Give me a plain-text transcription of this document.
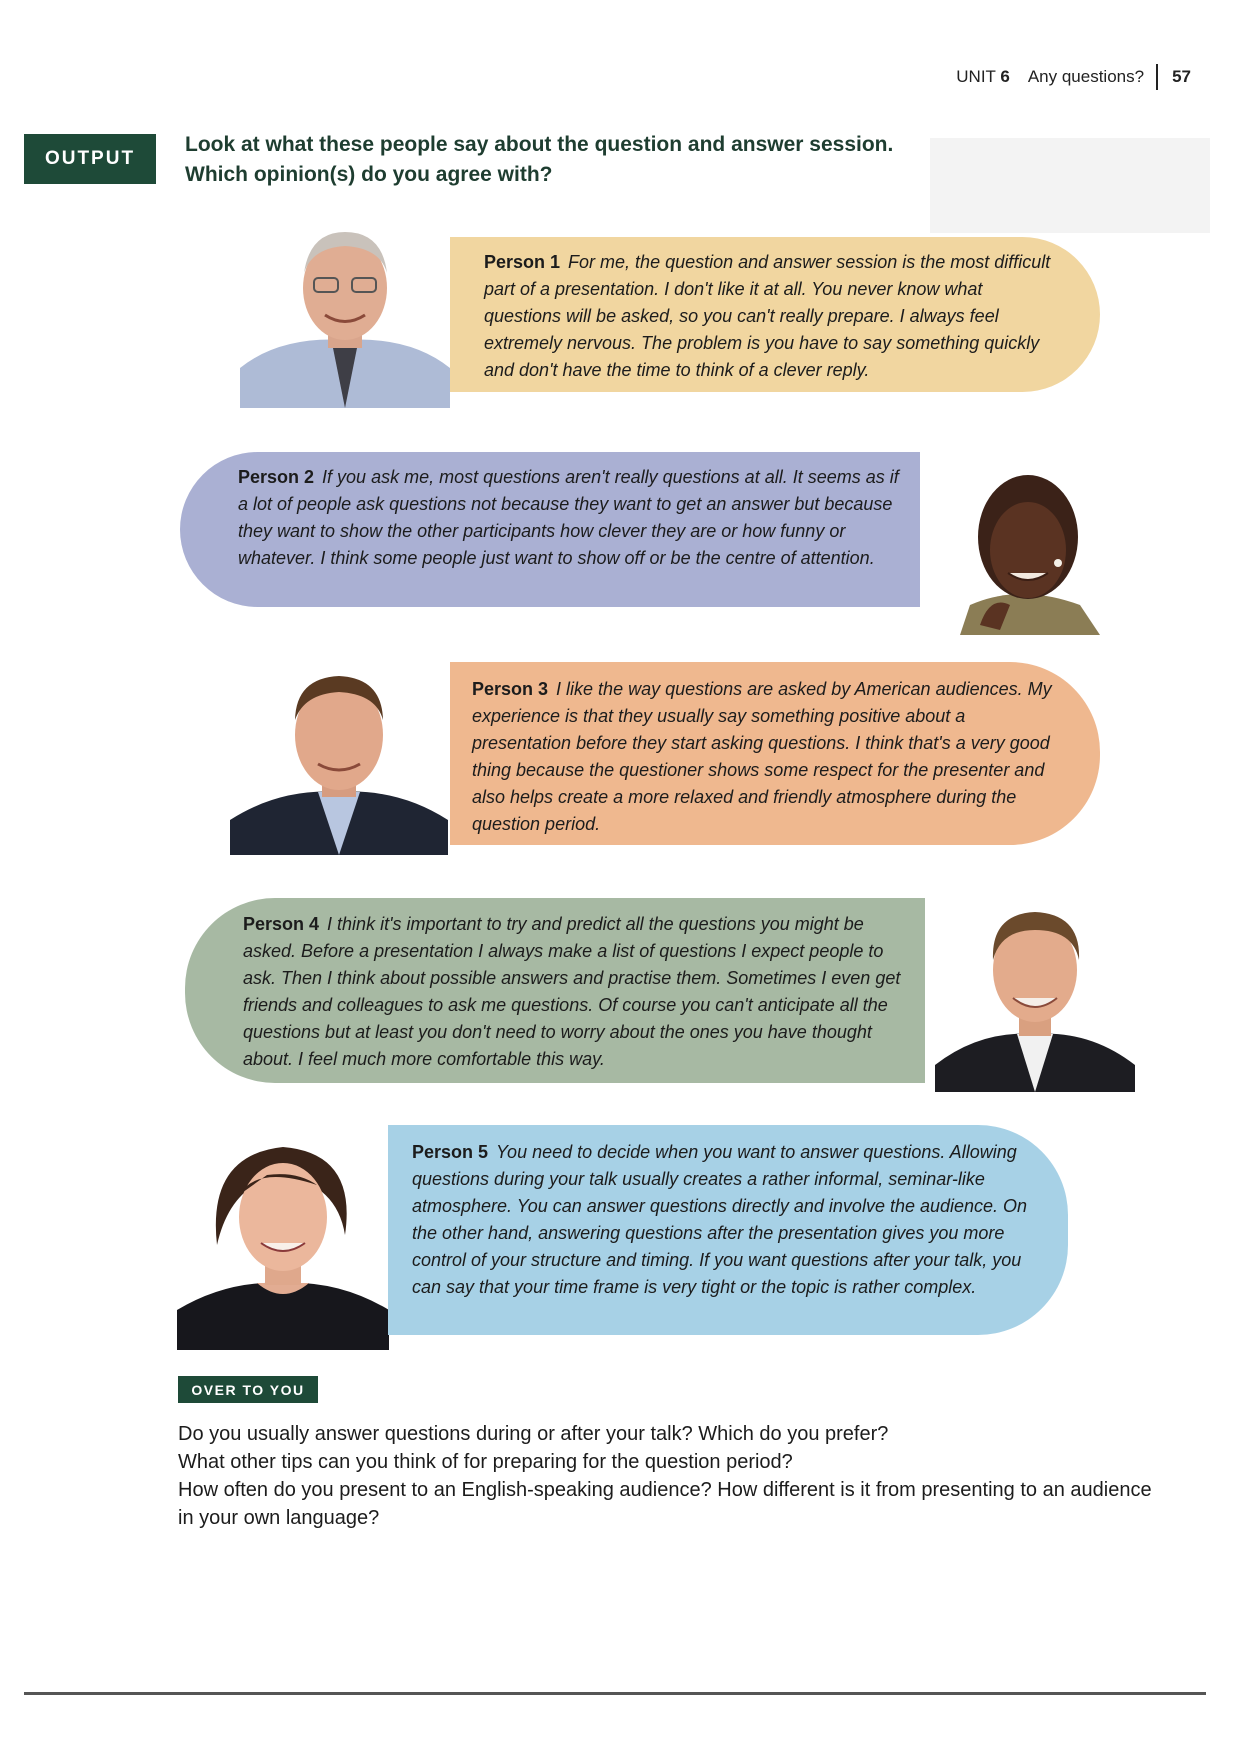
UNIT 6 Any questions? 57
OUTPUT
Look at what these people say about the question and answer session.
Which opinion(s) do you agree with?
Person 1 For me, the question and answer session is the most difficult part of a presentation. I don't like it at all. You never know what questions will be asked, so you can't really prepare. I always feel extremely nervous. The problem is you have to say something quickly and don't have the time to think of a clever reply.
Person 2 If you ask me, most questions aren't really questions at all. It seems as if a lot of people ask questions not because they want to get an answer but because they want to show the other participants how clever they are or how funny or whatever. I think some people just want to show off or be the centre of attention.
Person 3 I like the way questions are asked by American audiences. My experience is that they usually say something positive about a presentation before they start asking questions. I think that's a very good thing because the questioner shows some respect for the presenter and also helps create a more relaxed and friendly atmosphere during the question period.
Person 4 I think it's important to try and predict all the questions you might be asked. Before a presentation I always make a list of questions I expect people to ask. Then I think about possible answers and practise them. Sometimes I even get friends and colleagues to ask me questions. Of course you can't anticipate all the questions but at least you don't need to worry about the ones you have thought about. I feel much more comfortable this way.
Person 5 You need to decide when you want to answer questions. Allowing questions during your talk usually creates a rather informal, seminar-like atmosphere. You can answer questions directly and involve the audience. On the other hand, answering questions after the presentation gives you more control of your structure and timing. If you want questions after your talk, you can say that your time frame is very tight or the topic is rather complex.
OVER TO YOU

Do you usually answer questions during or after your talk? Which do you prefer?

What other tips can you think of for preparing for the question period?

How often do you present to an English-speaking audience? How different is it from presenting to an audience in your own language?
